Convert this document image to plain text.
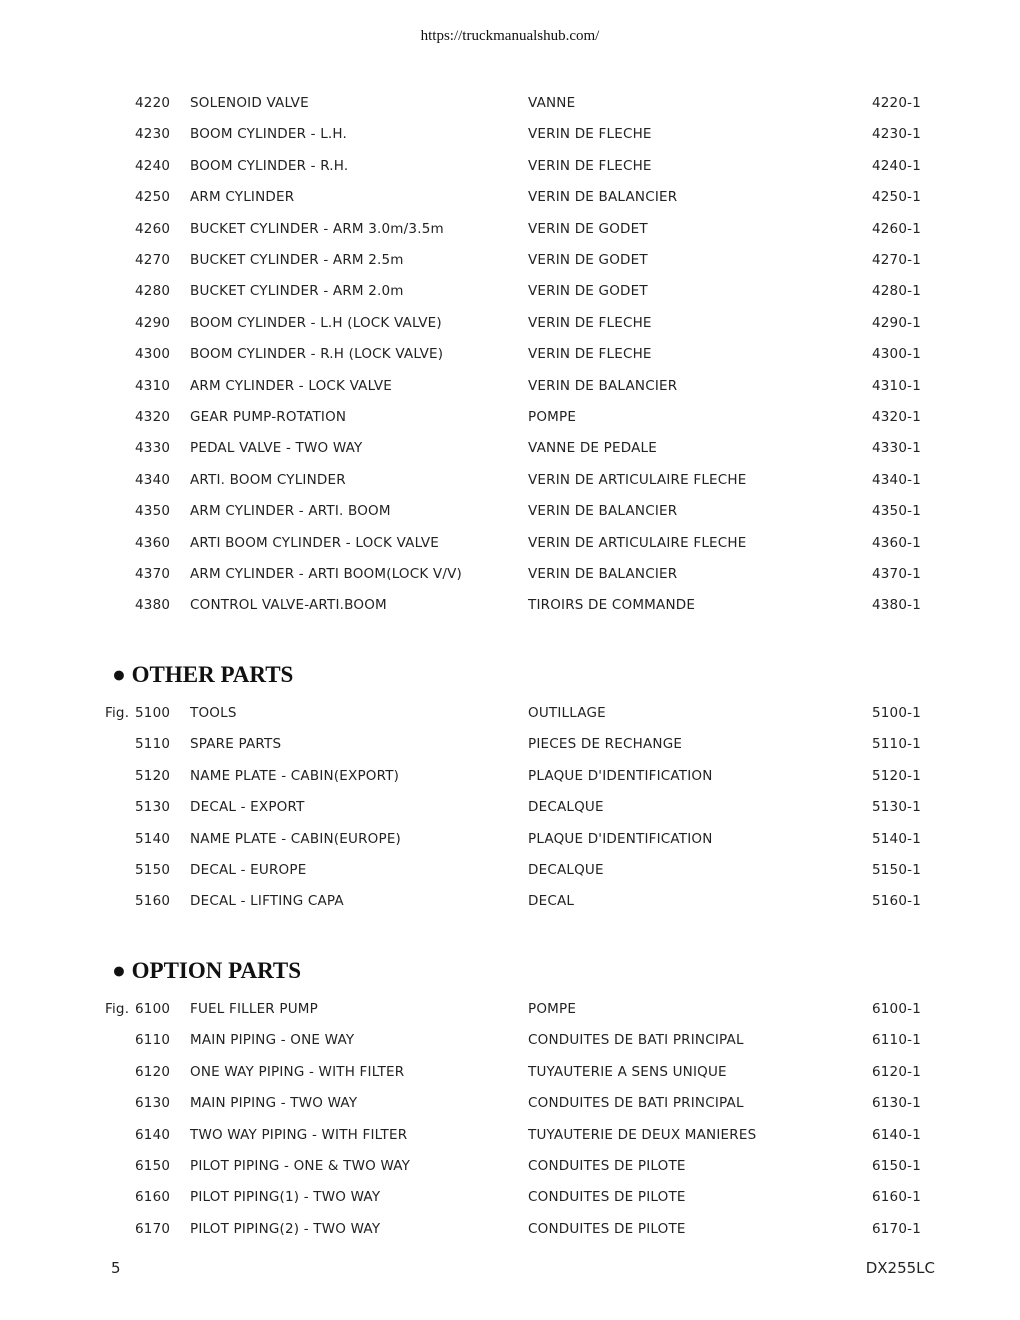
https://truckmanualshub.com/
4220 SOLENOID VALVE	VANNE	4220-1
4230 BOOM CYLINDER - L.H.	VERIN DE FLECHE	4230-1
4240 BOOM CYLINDER - R.H.	VERIN DE FLECHE	4240-1
4250 ARM CYLINDER	VERIN DE BALANCIER	4250-1
4260 BUCKET CYLINDER - ARM 3.0m/3.5m	VERIN DE GODET	4260-1
4270 BUCKET CYLINDER - ARM 2.5m	VERIN DE GODET	4270-1
4280 BUCKET CYLINDER - ARM 2.0m	VERIN DE GODET	4280-1
4290 BOOM CYLINDER - L.H (LOCK VALVE)	VERIN DE FLECHE	4290-1
4300 BOOM CYLINDER - R.H (LOCK VALVE)	VERIN DE FLECHE	4300-1
4310 ARM CYLINDER - LOCK VALVE	VERIN DE BALANCIER	4310-1
4320 GEAR PUMP-ROTATION	POMPE	4320-1
4330 PEDAL VALVE - TWO WAY	VANNE DE PEDALE	4330-1
4340 ARTI. BOOM CYLINDER	VERIN DE ARTICULAIRE FLECHE	4340-1
4350 ARM CYLINDER - ARTI. BOOM	VERIN DE BALANCIER	4350-1
4360 ARTI BOOM CYLINDER - LOCK VALVE	VERIN DE ARTICULAIRE FLECHE	4360-1
4370 ARM CYLINDER - ARTI BOOM(LOCK V/V)	VERIN DE BALANCIER	4370-1
4380 CONTROL VALVE-ARTI.BOOM	TIROIRS DE COMMANDE	4380-1
● OTHER PARTS
Fig. 5100 TOOLS	OUTILLAGE	5100-1
5110 SPARE PARTS	PIECES DE RECHANGE	5110-1
5120 NAME PLATE - CABIN(EXPORT)	PLAQUE D'IDENTIFICATION	5120-1
5130 DECAL - EXPORT	DECALQUE	5130-1
5140 NAME PLATE - CABIN(EUROPE)	PLAQUE D'IDENTIFICATION	5140-1
5150 DECAL - EUROPE	DECALQUE	5150-1
5160 DECAL - LIFTING CAPA	DECAL	5160-1
● OPTION PARTS
Fig. 6100 FUEL FILLER PUMP	POMPE	6100-1
6110 MAIN PIPING - ONE WAY	CONDUITES DE BATI PRINCIPAL	6110-1
6120 ONE WAY PIPING - WITH FILTER	TUYAUTERIE A SENS UNIQUE	6120-1
6130 MAIN PIPING - TWO WAY	CONDUITES DE BATI PRINCIPAL	6130-1
6140 TWO WAY PIPING - WITH FILTER	TUYAUTERIE DE DEUX MANIERES	6140-1
6150 PILOT PIPING - ONE & TWO WAY	CONDUITES DE PILOTE	6150-1
6160 PILOT PIPING(1) - TWO WAY	CONDUITES DE PILOTE	6160-1
6170 PILOT PIPING(2) - TWO WAY	CONDUITES DE PILOTE	6170-1
5	DX255LC
